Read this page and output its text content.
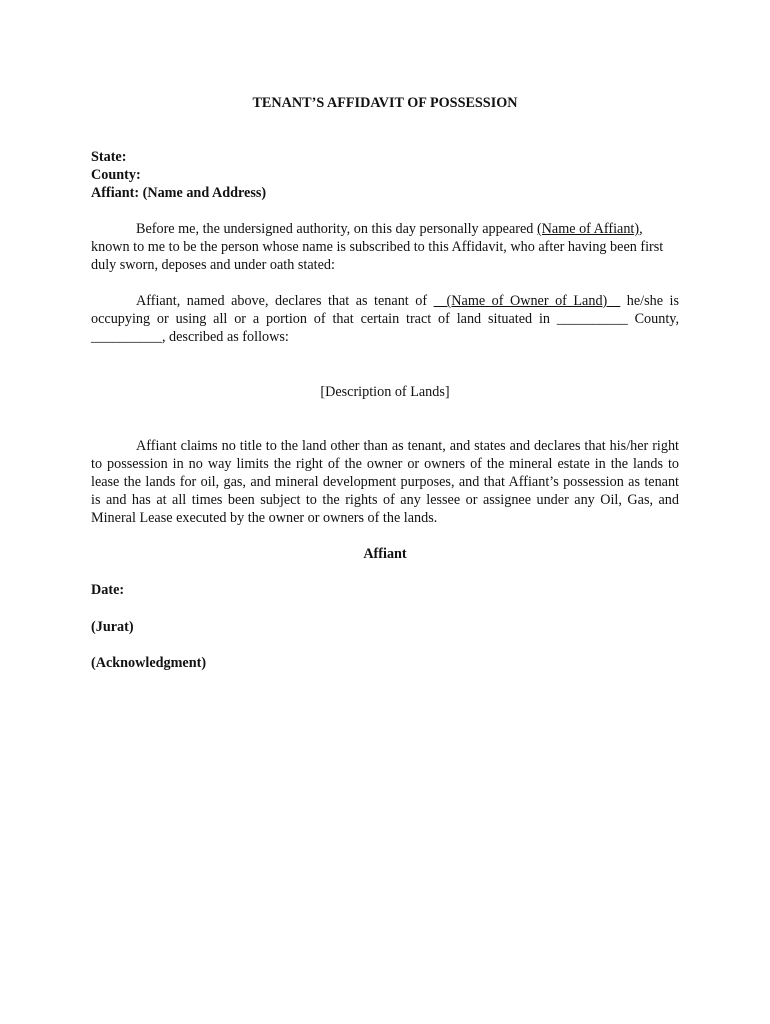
TENANT’S AFFIDAVIT OF POSSESSION
State:
County:
Affiant: (Name and Address)
Before me, the undersigned authority, on this day personally appeared (Name of Affiant), known to me to be the person whose name is subscribed to this Affidavit, who after having been first duly sworn, deposes and under oath stated:
Affiant, named above, declares that as tenant of   (Name of Owner of Land)   he/she is occupying or using all or a portion of that certain tract of land situated in __________ County, __________, described as follows:
[Description of Lands]
Affiant claims no title to the land other than as tenant, and states and declares that his/her right to possession in no way limits the right of the owner or owners of the mineral estate in the lands to lease the lands for oil, gas, and mineral development purposes, and that Affiant’s possession as tenant is and has at all times been subject to the rights of any lessee or assignee under any Oil, Gas, and Mineral Lease executed by the owner or owners of the lands.
Affiant
Date:
(Jurat)
(Acknowledgment)
